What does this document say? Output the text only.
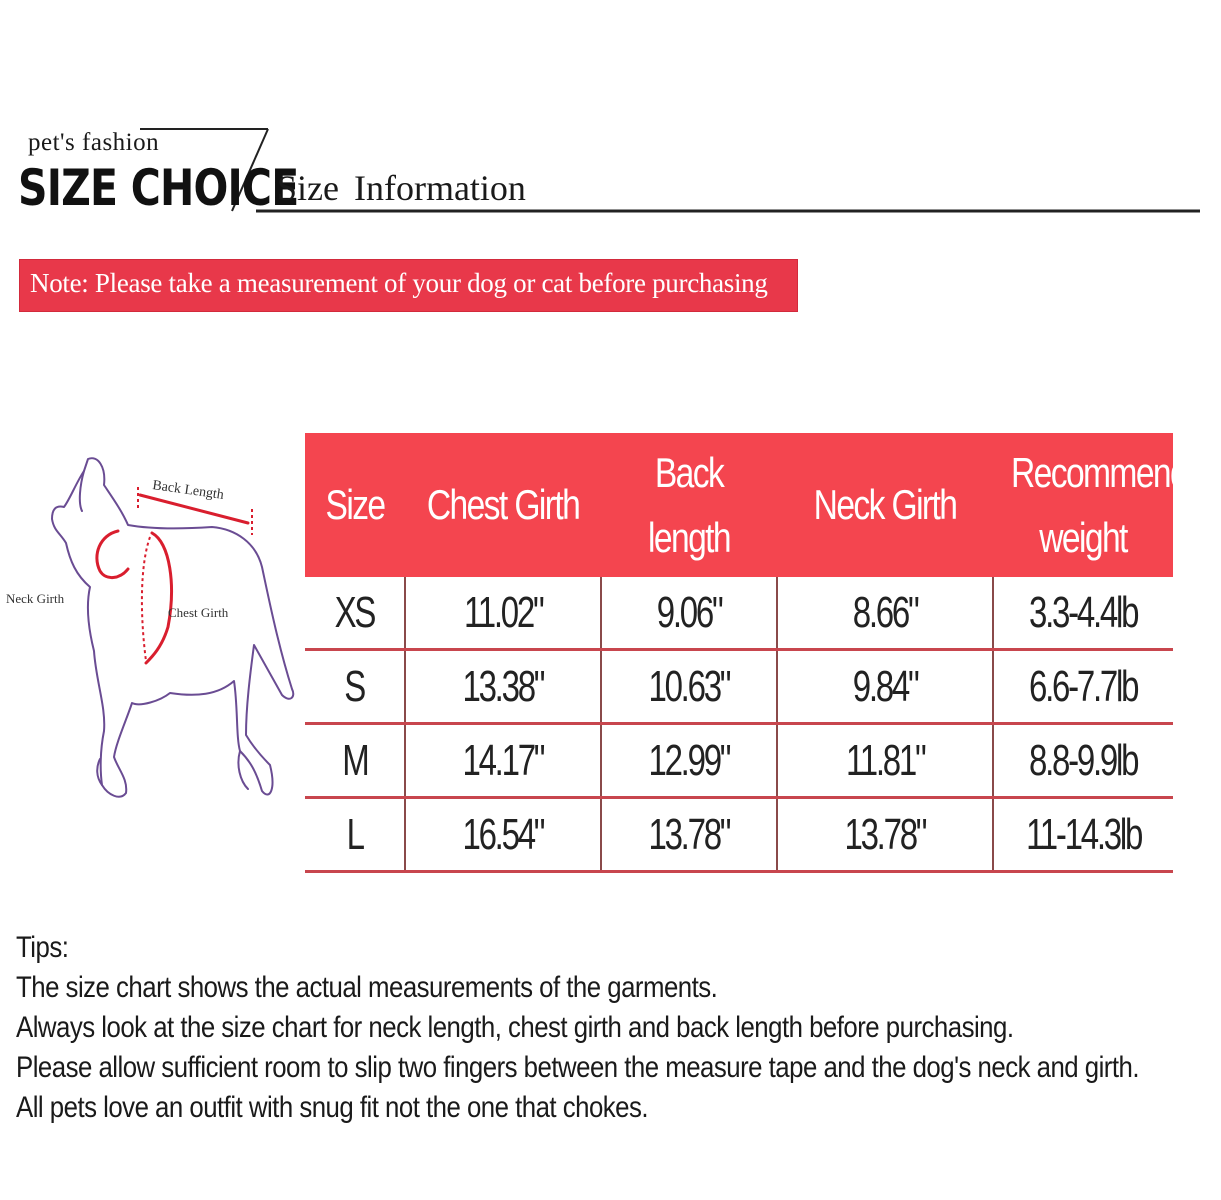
pet's fashion
SIZE CHOICE
Size Information
Note: Please take a measurement of your dog or cat before purchasing
Back Length
Neck Girth
Chest Girth
Size	Chest Girth	Back length	Neck Girth	Recommended weight
XS	11.02"	9.06"	8.66"	3.3-4.4lb
S	13.38"	10.63"	9.84"	6.6-7.7lb
M	14.17"	12.99"	11.81"	8.8-9.9lb
L	16.54"	13.78"	13.78"	11-14.3lb
Tips:
The size chart shows the actual measurements of the garments.
Always look at the size chart for neck length, chest girth and back length before purchasing.
Please allow sufficient room to slip two fingers between the measure tape and the dog's neck and girth.
All pets love an outfit with snug fit not the one that chokes.
